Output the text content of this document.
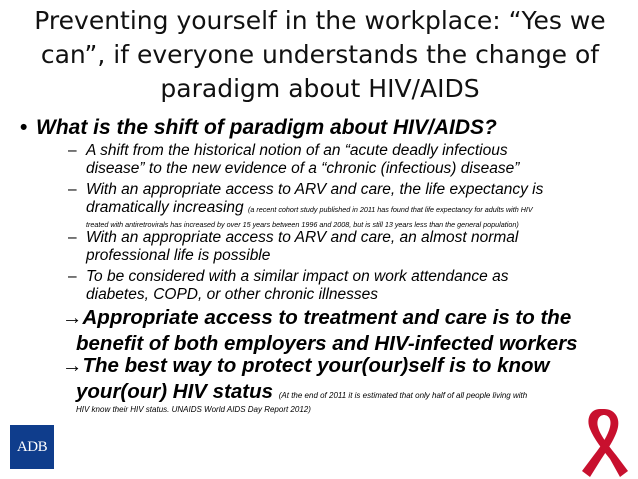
Preventing yourself in the workplace: “Yes we
can”, if everyone understands the change of
paradigm about HIV/AIDS
• What is the shift of paradigm about HIV/AIDS?
– A shift from the historical notion of an “acute deadly infectious
disease” to the new evidence of a “chronic (infectious) disease”
– With an appropriate access to ARV and care, the life expectancy is
dramatically increasing (a recent cohort study published in 2011 has found that life expectancy for adults with HIV
treated with antiretrovirals has increased by over 15 years between 1996 and 2008, but is still 13 years less than the general population)
– With an appropriate access to ARV and care, an almost normal
professional life is possible
– To be considered with a similar impact on work attendance as
diabetes, COPD, or other chronic illnesses
→Appropriate access to treatment and care is to the
benefit of both employers and HIV-infected workers
→The best way to protect your(our)self is to know
your(our) HIV status (At the end of 2011 it is estimated that only half of all people living with
HIV know their HIV status. UNAIDS World AIDS Day Report 2012)
ADB
